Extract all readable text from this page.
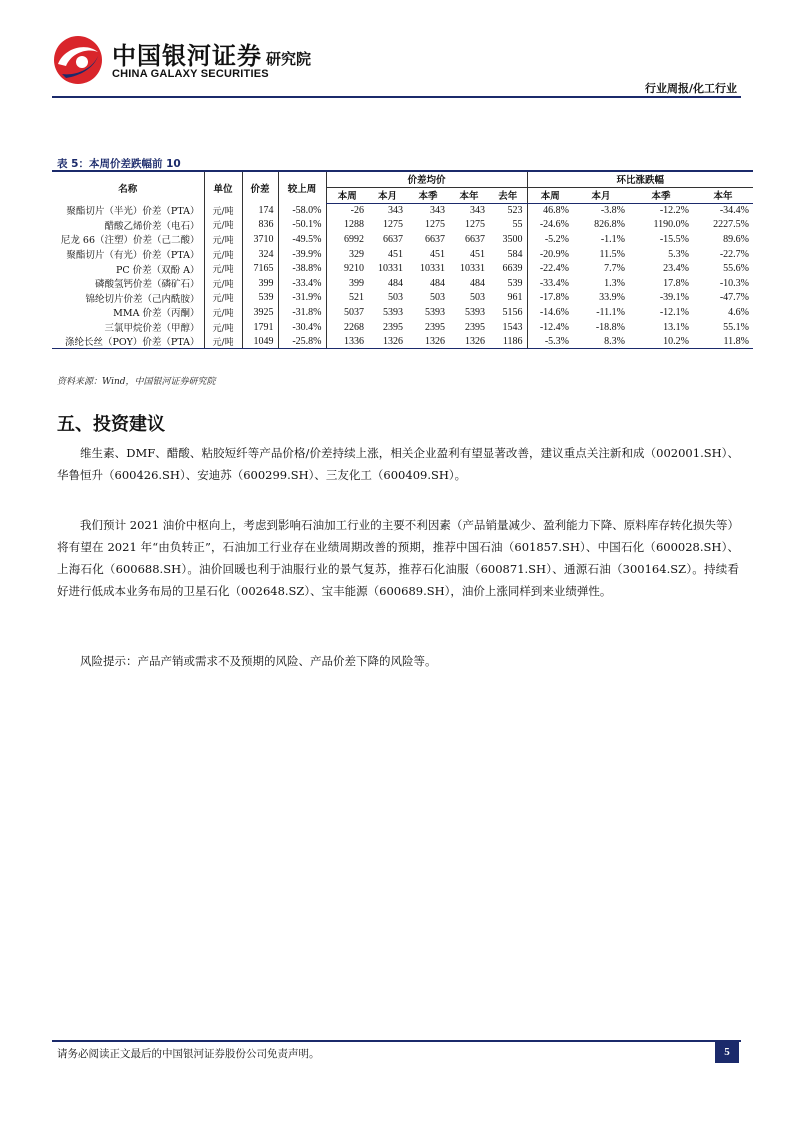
中国银河证券
CHINA GALAXY SECURITIES
研究院
行业周报/化工行业
表 5：本周价差跌幅前 10
名称	单位	价差	较上周	价差均价					环比涨跌幅			
				本周	本月	本季	本年	去年	本周	本月	本季	本年
聚酯切片（半光）价差（PTA）	元/吨	174	-58.0%	-26	343	343	343	523	46.8%	-3.8%	-12.2%	-34.4%
醋酸乙烯价差（电石）	元/吨	836	-50.1%	1288	1275	1275	1275	55	-24.6%	826.8%	1190.0%	2227.5%
尼龙 66（注塑）价差（己二酸）	元/吨	3710	-49.5%	6992	6637	6637	6637	3500	-5.2%	-1.1%	-15.5%	89.6%
聚酯切片（有光）价差（PTA）	元/吨	324	-39.9%	329	451	451	451	584	-20.9%	11.5%	5.3%	-22.7%
PC 价差（双酚 A）	元/吨	7165	-38.8%	9210	10331	10331	10331	6639	-22.4%	7.7%	23.4%	55.6%
磷酸氢钙价差（磷矿石）	元/吨	399	-33.4%	399	484	484	484	539	-33.4%	1.3%	17.8%	-10.3%
锦纶切片价差（己内酰胺）	元/吨	539	-31.9%	521	503	503	503	961	-17.8%	33.9%	-39.1%	-47.7%
MMA 价差（丙酮）	元/吨	3925	-31.8%	5037	5393	5393	5393	5156	-14.6%	-11.1%	-12.1%	4.6%
三氯甲烷价差（甲醇）	元/吨	1791	-30.4%	2268	2395	2395	2395	1543	-12.4%	-18.8%	13.1%	55.1%
涤纶长丝（POY）价差（PTA）	元/吨	1049	-25.8%	1336	1326	1326	1326	1186	-5.3%	8.3%	10.2%	11.8%
资料来源：Wind，中国银河证券研究院
五、投资建议

维生素、DMF、醋酸、粘胶短纤等产品价格/价差持续上涨，相关企业盈利有望显著改善，建议重点关注新和成（002001.SH）、华鲁恒升（600426.SH）、安迪苏（600299.SH）、三友化工（600409.SH）。

我们预计 2021 油价中枢向上，考虑到影响石油加工行业的主要不利因素（产品销量减少、盈利能力下降、原料库存转化损失等）将有望在 2021 年“由负转正”，石油加工行业存在业绩周期改善的预期，推荐中国石油（601857.SH）、中国石化（600028.SH）、上海石化（600688.SH）。油价回暖也利于油服行业的景气复苏，推荐石化油服（600871.SH）、通源石油（300164.SZ）。持续看好进行低成本业务布局的卫星石化（002648.SZ）、宝丰能源（600689.SH），油价上涨同样到来业绩弹性。

风险提示：产品产销或需求不及预期的风险、产品价差下降的风险等。

请务必阅读正文最后的中国银河证券股份公司免责声明。	5
